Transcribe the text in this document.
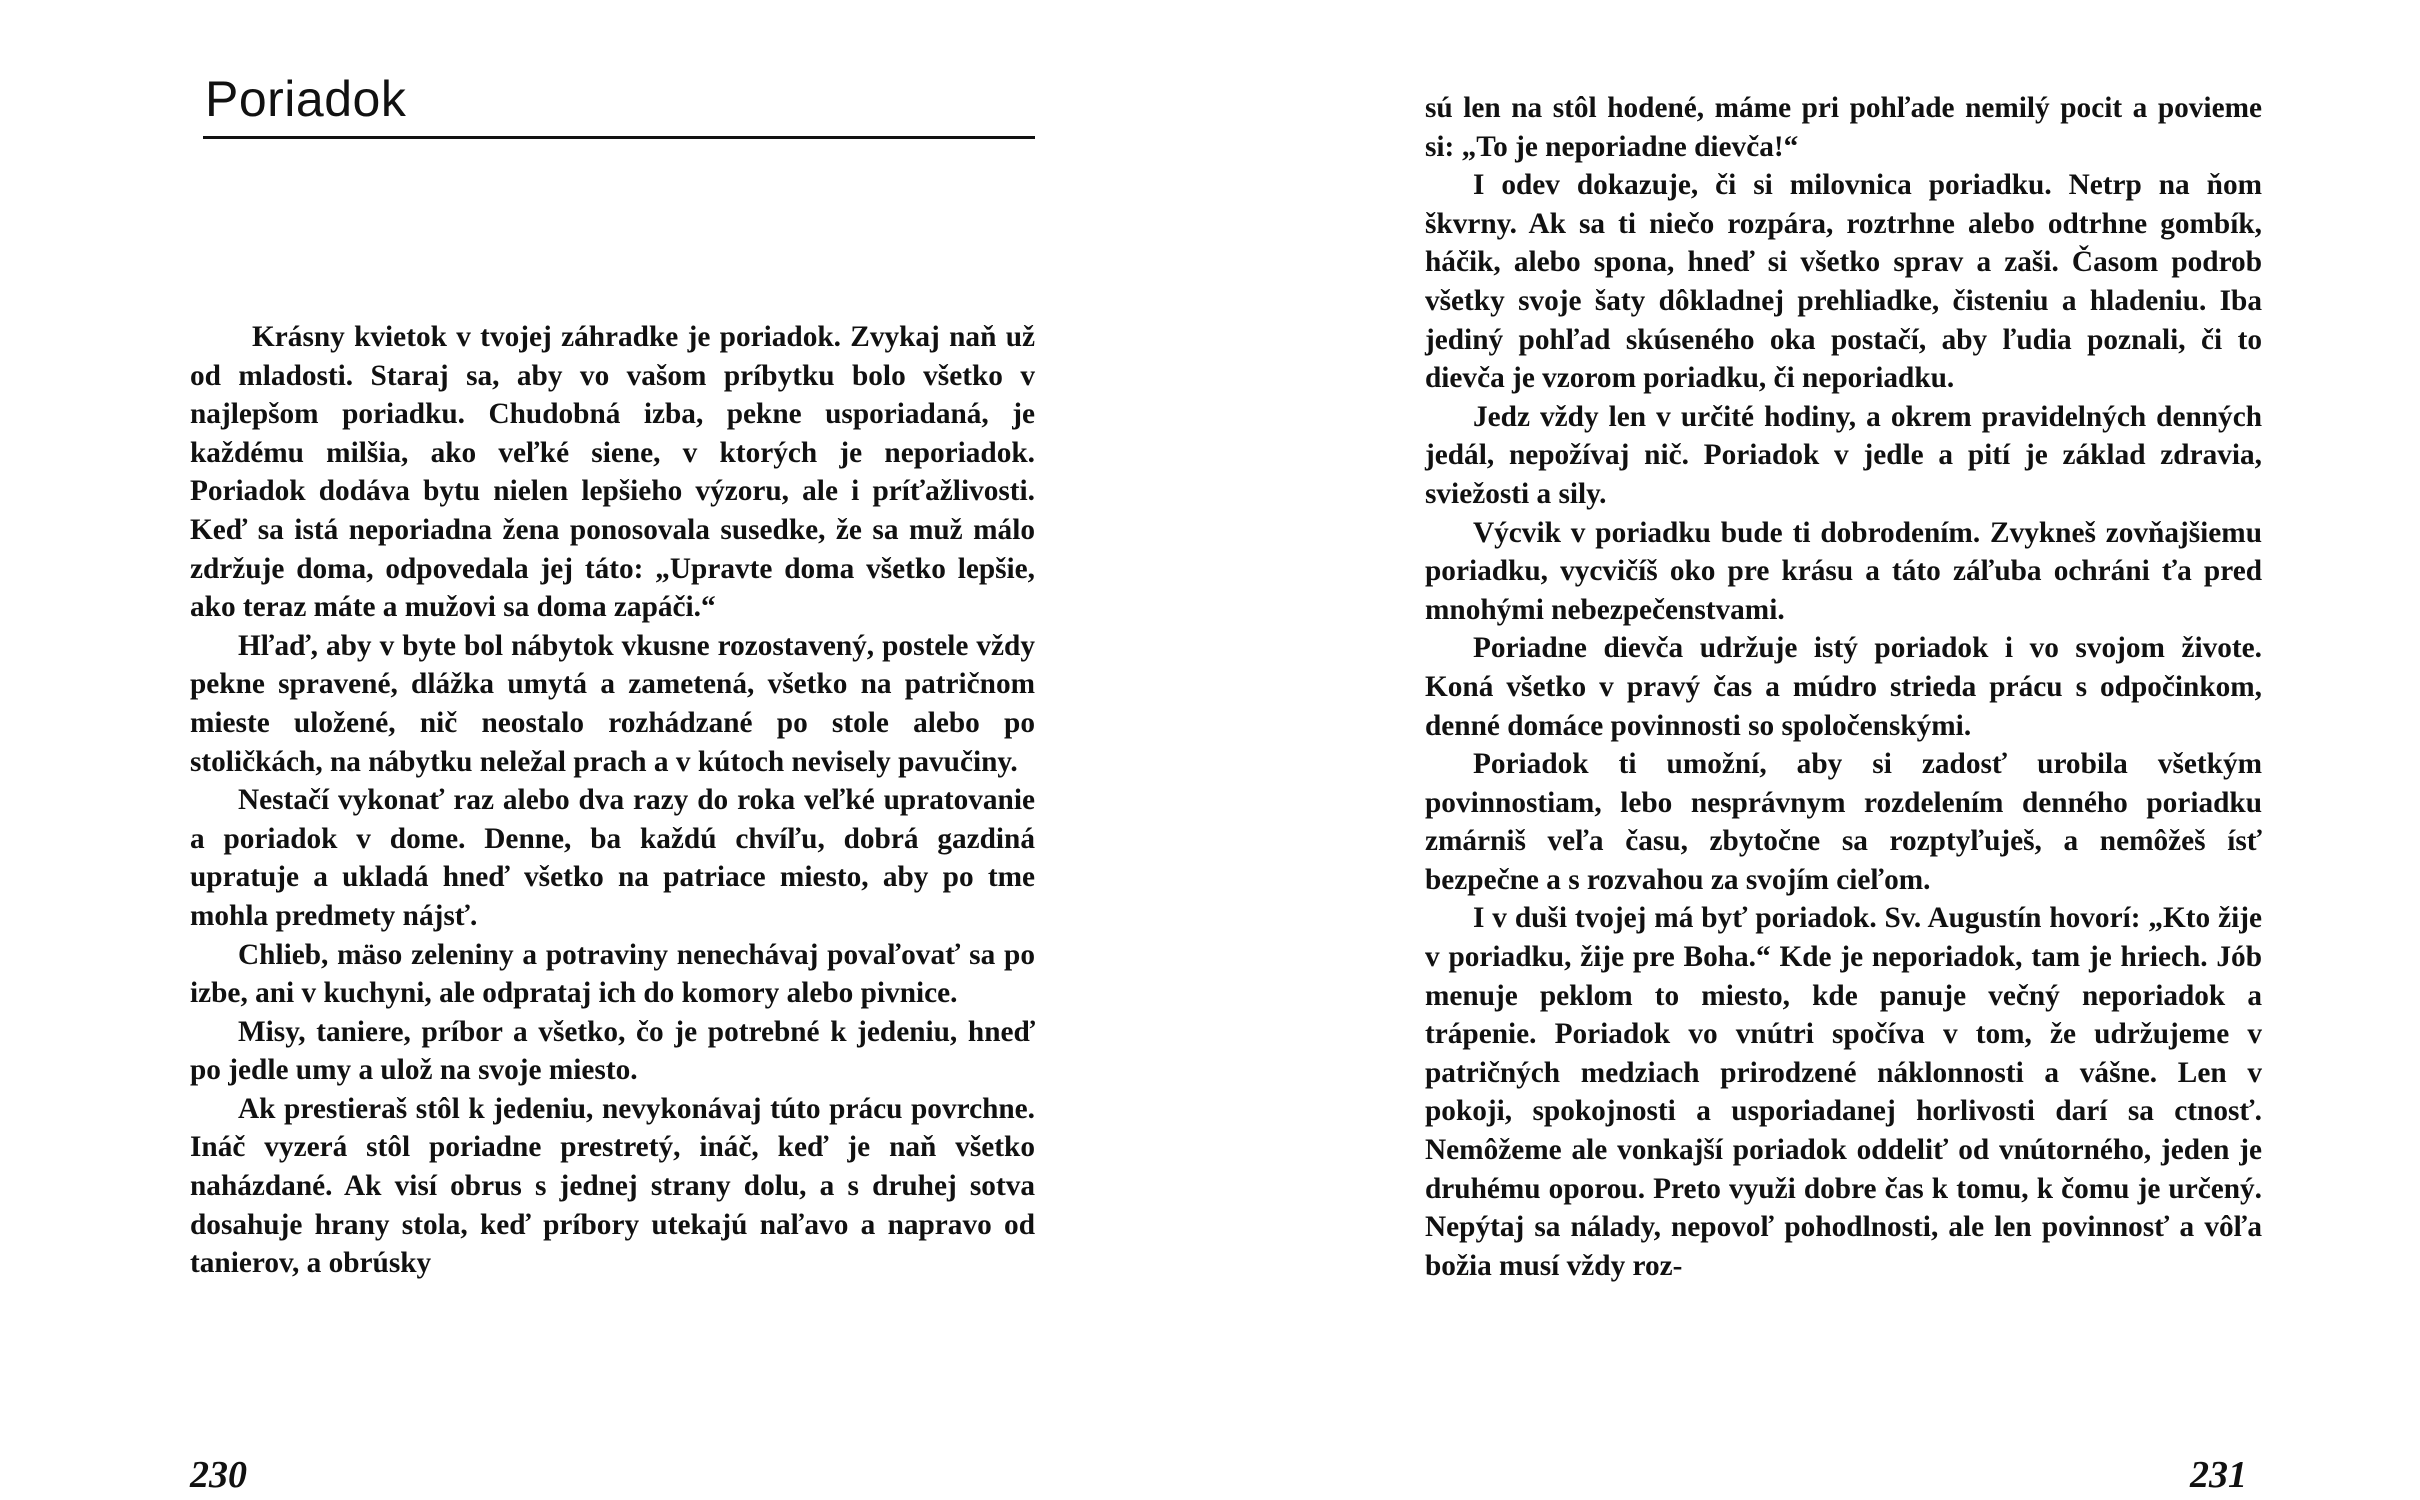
Poriadok

Krásny kvietok v tvojej záhradke je poriadok. Zvykaj naň už od mladosti. Staraj sa, aby vo vašom príbytku bolo všetko v najlepšom poriadku. Chudobná izba, pekne usporiadaná, je každému milšia, ako veľké siene, v ktorých je neporiadok. Poriadok dodáva bytu nielen lepšieho výzoru, ale i príťažlivosti. Keď sa istá neporiadna žena ponosovala susedke, že sa muž málo zdržuje doma, odpovedala jej táto: „Upravte doma všetko lepšie, ako teraz máte a mužovi sa doma zapáči.“

Hľaď, aby v byte bol nábytok vkusne rozostavený, postele vždy pekne spravené, dlážka umytá a zametená, všetko na patričnom mieste uložené, nič neostalo rozhádzané po stole alebo po stoličkách, na nábytku neležal prach a v kútoch nevisely pavučiny.

Nestačí vykonať raz alebo dva razy do roka veľké upratovanie a poriadok v dome. Denne, ba každú chvíľu, dobrá gazdiná upratuje a ukladá hneď všetko na patriace miesto, aby po tme mohla predmety nájsť.

Chlieb, mäso zeleniny a potraviny nenechávaj povaľovať sa po izbe, ani v kuchyni, ale odprataj ich do komory alebo pivnice.

Misy, taniere, príbor a všetko, čo je potrebné k jedeniu, hneď po jedle umy a ulož na svoje miesto.

Ak prestieraš stôl k jedeniu, nevykonávaj túto prácu povrchne. Ináč vyzerá stôl poriadne prestretý, ináč, keď je naň všetko naházdané. Ak visí obrus s jednej strany dolu, a s druhej sotva dosahuje hrany stola, keď príbory utekajú naľavo a napravo od tanierov, a obrúsky

230

sú len na stôl hodené, máme pri pohľade nemilý pocit a povieme si: „To je neporiadne dievča!“

I odev dokazuje, či si milovnica poriadku. Netrp na ňom škvrny. Ak sa ti niečo rozpára, roztrhne alebo odtrhne gombík, háčik, alebo spona, hneď si všetko sprav a zaši. Časom podrob všetky svoje šaty dôkladnej prehliadke, čisteniu a hladeniu. Iba jediný pohľad skúseného oka postačí, aby ľudia poznali, či to dievča je vzorom poriadku, či neporiadku.

Jedz vždy len v určité hodiny, a okrem pravidelných denných jedál, nepožívaj nič. Poriadok v jedle a pití je základ zdravia, sviežosti a sily.

Výcvik v poriadku bude ti dobrodením. Zvykneš zovňajšiemu poriadku, vycvičíš oko pre krásu a táto záľuba ochráni ťa pred mnohými nebezpečenstvami.

Poriadne dievča udržuje istý poriadok i vo svojom živote. Koná všetko v pravý čas a múdro strieda prácu s odpočinkom, denné domáce povinnosti so spoločenskými.

Poriadok ti umožní, aby si zadosť urobila všetkým povinnostiam, lebo nesprávnym rozdelením denného poriadku zmárniš veľa času, zbytočne sa rozptyľuješ, a nemôžeš ísť bezpečne a s rozvahou za svojím cieľom.

I v duši tvojej má byť poriadok. Sv. Augustín hovorí: „Kto žije v poriadku, žije pre Boha.“ Kde je neporiadok, tam je hriech. Jób menuje peklom to miesto, kde panuje večný neporiadok a trápenie. Poriadok vo vnútri spočíva v tom, že udržujeme v patričných medziach prirodzené náklonnosti a vášne. Len v pokoji, spokojnosti a usporiadanej horlivosti darí sa ctnosť. Nemôžeme ale vonkajší poriadok oddeliť od vnútorného, jeden je druhému oporou. Preto využi dobre čas k tomu, k čomu je určený. Nepýtaj sa nálady, nepovoľ pohodlnosti, ale len povinnosť a vôľa božia musí vždy roz-

231
